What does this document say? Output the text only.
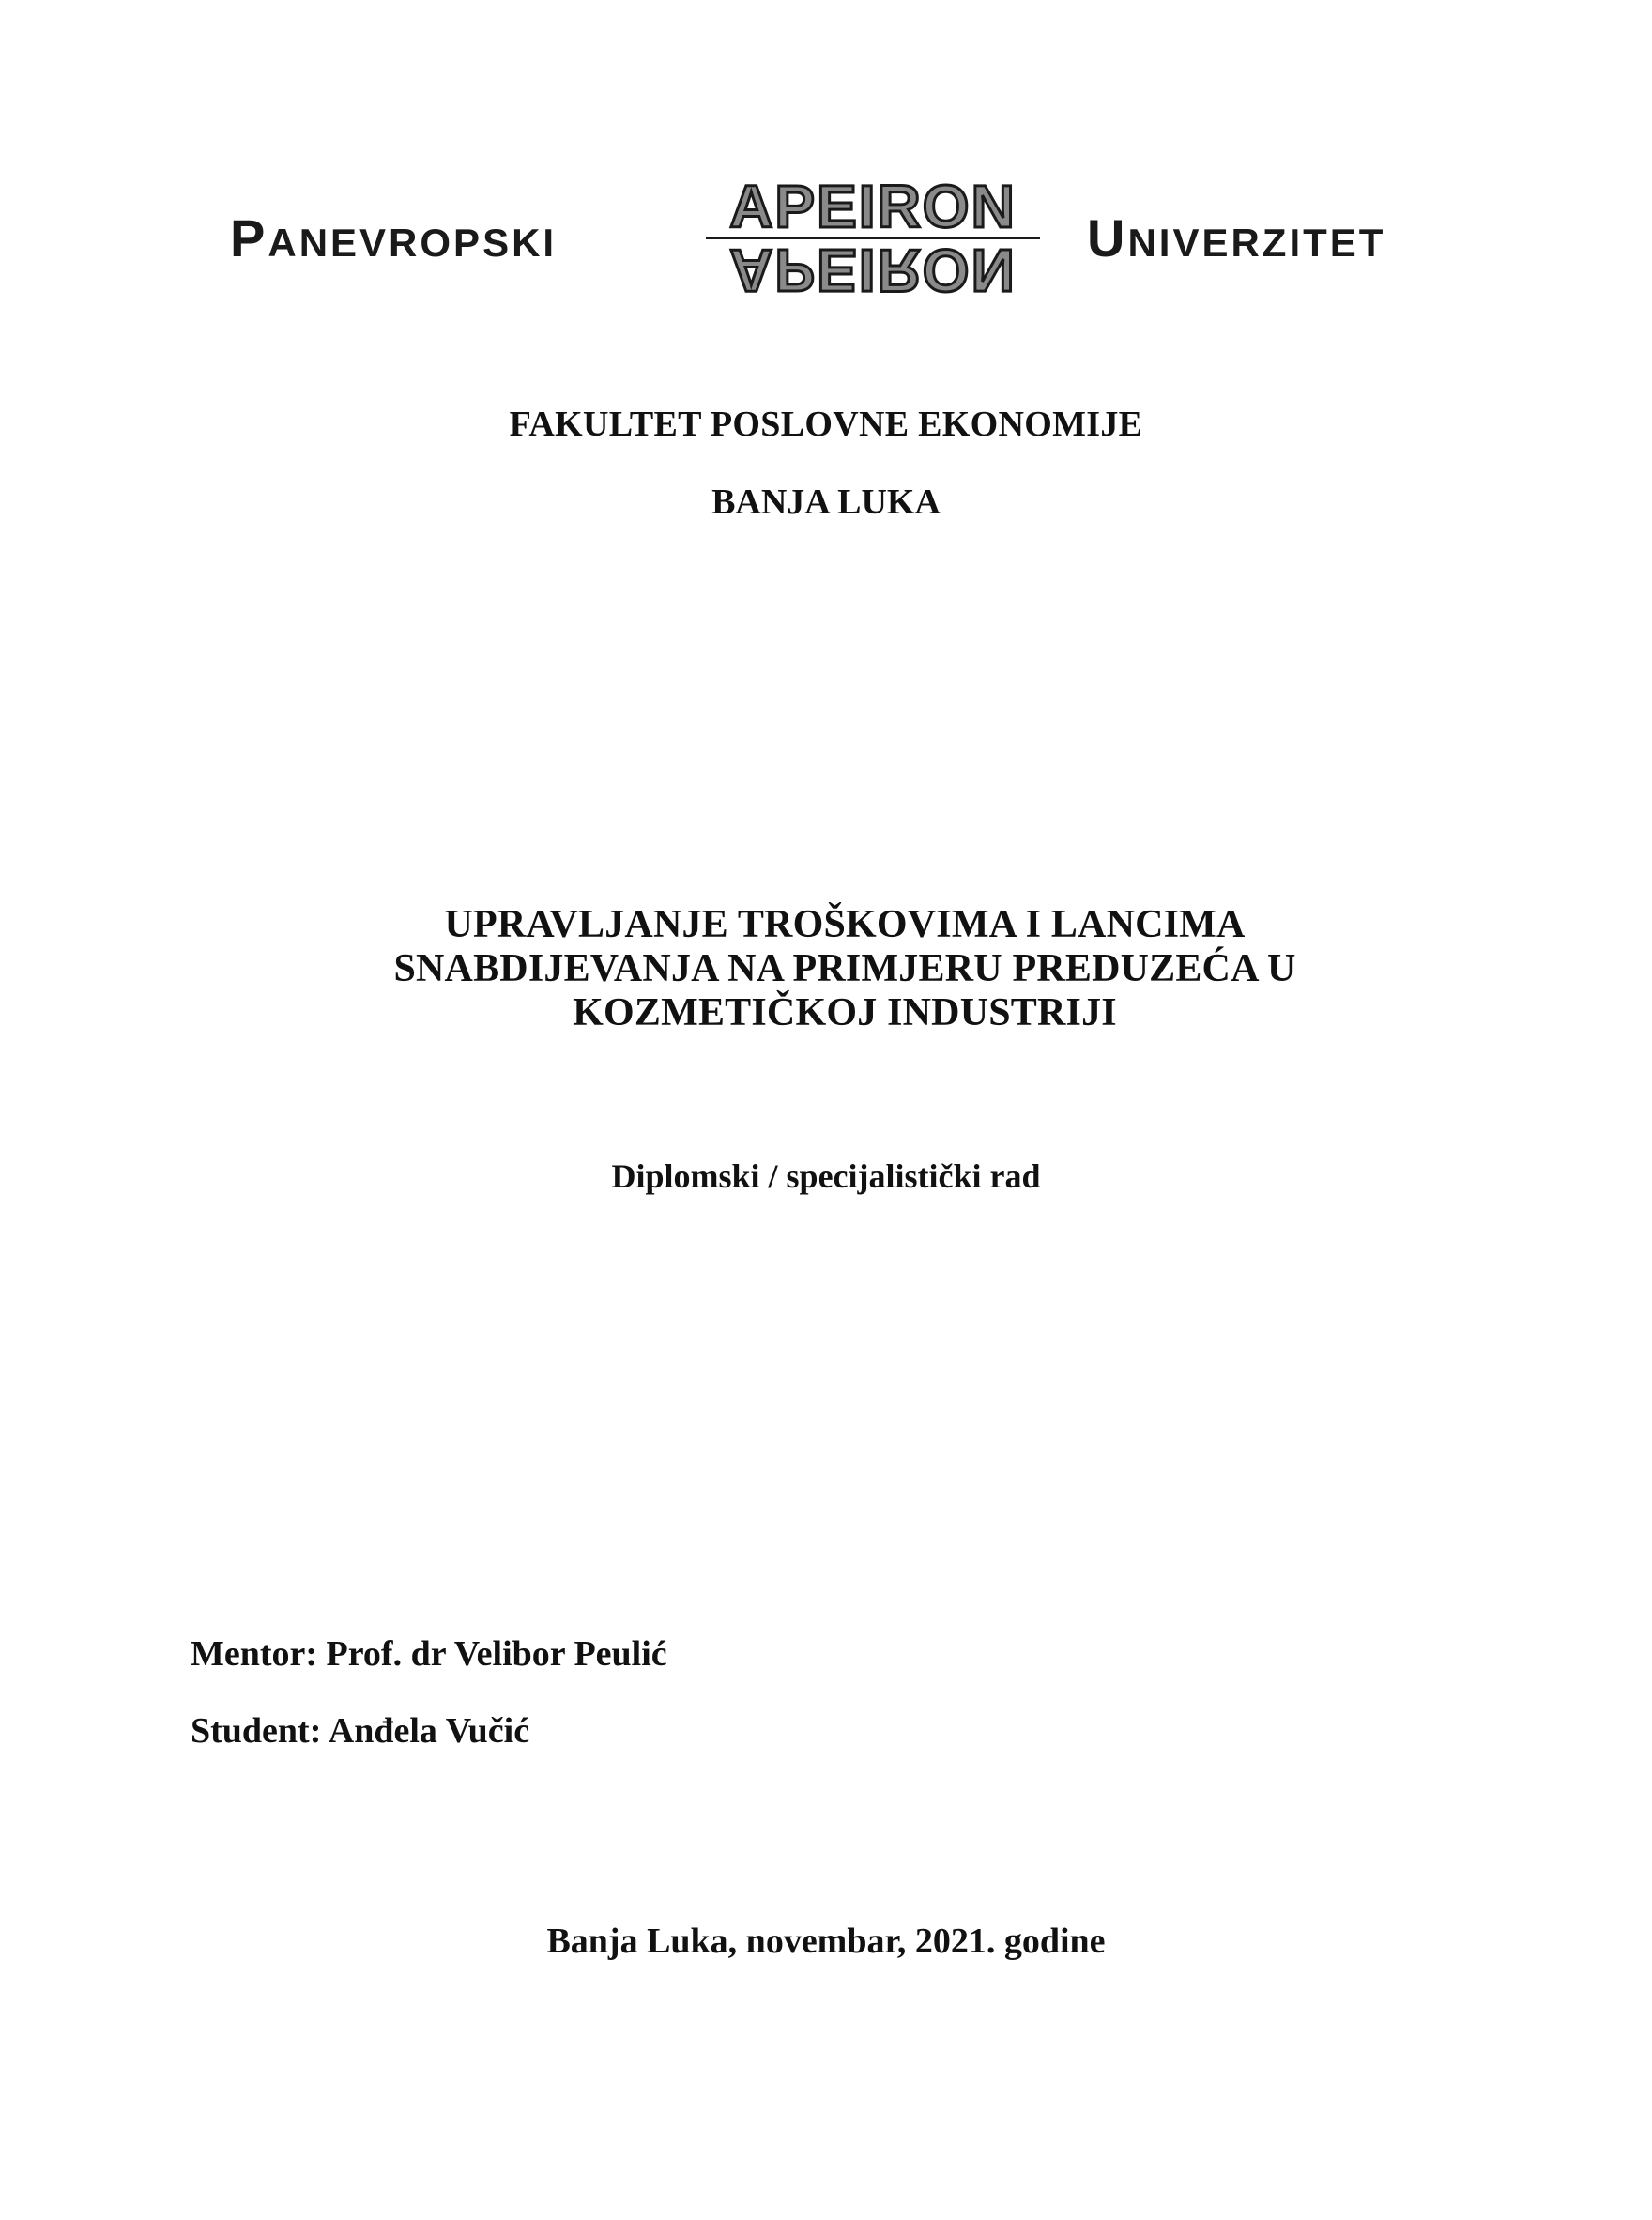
PANEVROPSKI
APEIRON
APEIRON UNIVERZITET
FAKULTET POSLOVNE EKONOMIJE
BANJA LUKA
UPRAVLJANJE TROŠKOVIMA I LANCIMA
SNABDIJEVANJA NA PRIMJERU PREDUZEĆA U
KOZMETIČKOJ INDUSTRIJI
Diplomski / specijalistički rad
Mentor: Prof. dr Velibor Peulić
Student: Anđela Vučić
Banja Luka, novembar, 2021. godine
